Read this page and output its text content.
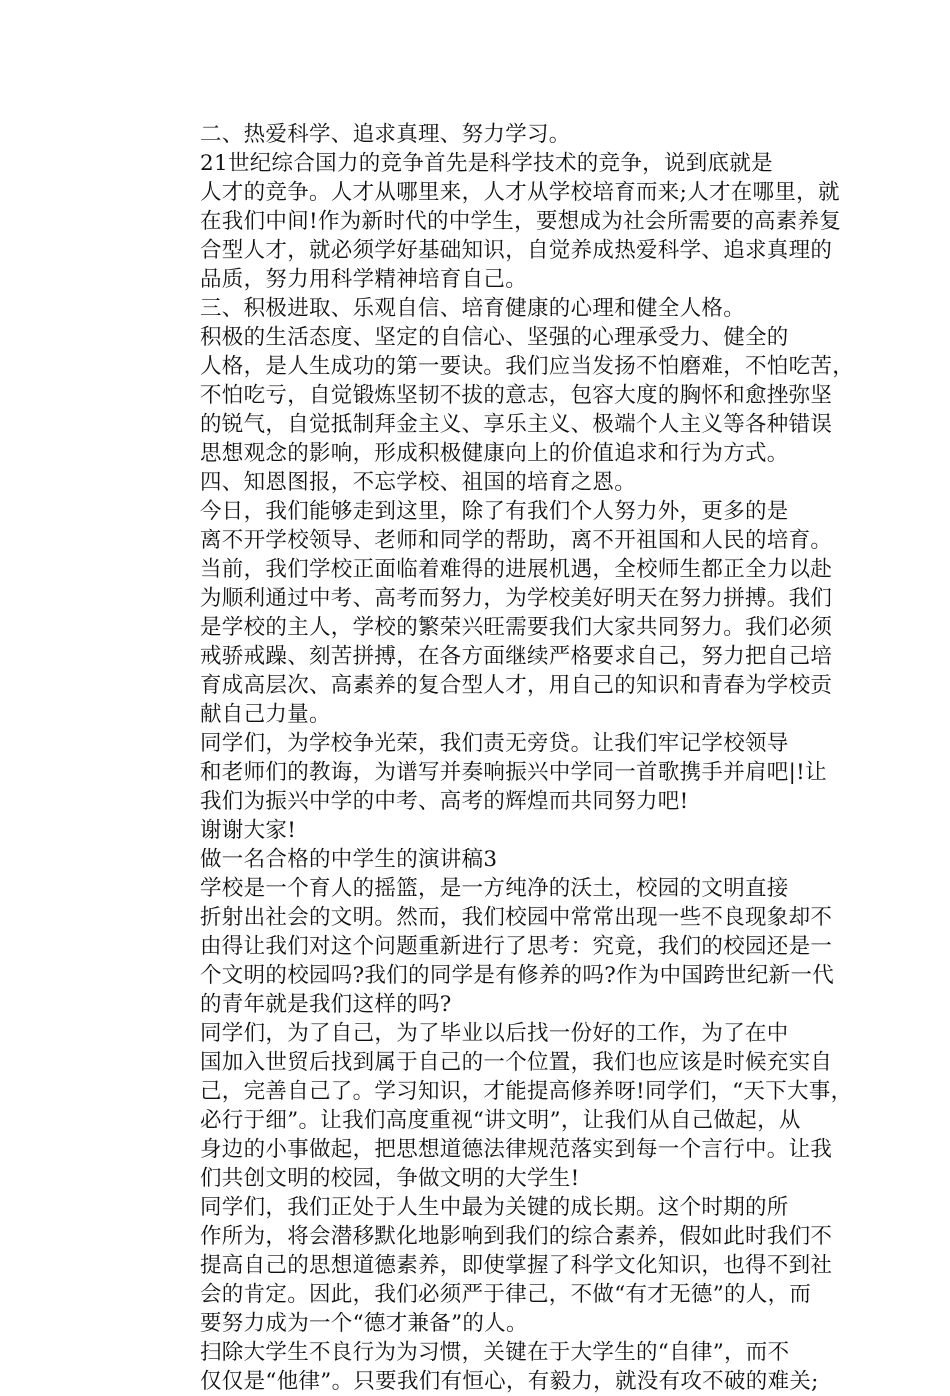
二、热爱科学、追求真理、努力学习。

21世纪综合国力的竞争首先是科学技术的竞争，说到底就是
人才的竞争。人才从哪里来，人才从学校培育而来;人才在哪里，就
在我们中间!作为新时代的中学生，要想成为社会所需要的高素养复
合型人才，就必须学好基础知识，自觉养成热爱科学、追求真理的
品质，努力用科学精神培育自己。

三、积极进取、乐观自信、培育健康的心理和健全人格。

积极的生活态度、坚定的自信心、坚强的心理承受力、健全的
人格，是人生成功的第一要诀。我们应当发扬不怕磨难，不怕吃苦，
不怕吃亏，自觉锻炼坚韧不拔的意志，包容大度的胸怀和愈挫弥坚
的锐气，自觉抵制拜金主义、享乐主义、极端个人主义等各种错误
思想观念的影响，形成积极健康向上的价值追求和行为方式。

四、知恩图报，不忘学校、祖国的培育之恩。

今日，我们能够走到这里，除了有我们个人努力外，更多的是
离不开学校领导、老师和同学的帮助，离不开祖国和人民的培育。
当前，我们学校正面临着难得的进展机遇，全校师生都正全力以赴
为顺利通过中考、高考而努力，为学校美好明天在努力拼搏。我们
是学校的主人，学校的繁荣兴旺需要我们大家共同努力。我们必须
戒骄戒躁、刻苦拼搏，在各方面继续严格要求自己，努力把自己培
育成高层次、高素养的复合型人才，用自己的知识和青春为学校贡
献自己力量。

同学们，为学校争光荣，我们责无旁贷。让我们牢记学校领导
和老师们的教诲，为谱写并奏响振兴中学同一首歌携手并肩吧|!让
我们为振兴中学的中考、高考的辉煌而共同努力吧!

谢谢大家!

做一名合格的中学生的演讲稿3

学校是一个育人的摇篮，是一方纯净的沃土，校园的文明直接
折射出社会的文明。然而，我们校园中常常出现一些不良现象却不
由得让我们对这个问题重新进行了思考：究竟，我们的校园还是一
个文明的校园吗?我们的同学是有修养的吗?作为中国跨世纪新一代
的青年就是我们这样的吗?

同学们，为了自己，为了毕业以后找一份好的工作，为了在中
国加入世贸后找到属于自己的一个位置，我们也应该是时候充实自
己，完善自己了。学习知识，才能提高修养呀!同学们，“天下大事，
必行于细”。让我们高度重视“讲文明”，让我们从自己做起，从
身边的小事做起，把思想道德法律规范落实到每一个言行中。让我
们共创文明的校园，争做文明的大学生!

同学们，我们正处于人生中最为关键的成长期。这个时期的所
作所为，将会潜移默化地影响到我们的综合素养，假如此时我们不
提高自己的思想道德素养，即使掌握了科学文化知识，也得不到社
会的肯定。因此，我们必须严于律己，不做“有才无德”的人，而
要努力成为一个“德才兼备”的人。

扫除大学生不良行为为习惯，关键在于大学生的“自律”，而不
仅仅是“他律”。只要我们有恒心，有毅力，就没有攻不破的难关;
